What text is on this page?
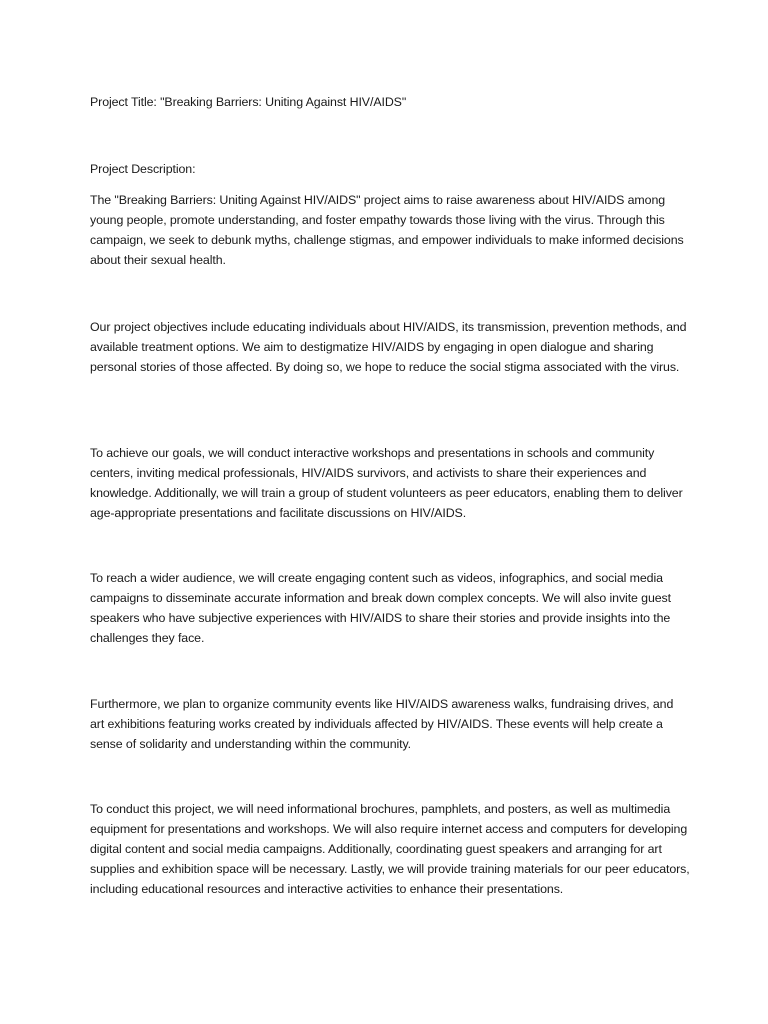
Project Title: "Breaking Barriers: Uniting Against HIV/AIDS"

Project Description:

The "Breaking Barriers: Uniting Against HIV/AIDS" project aims to raise awareness about HIV/AIDS among young people, promote understanding, and foster empathy towards those living with the virus. Through this campaign, we seek to debunk myths, challenge stigmas, and empower individuals to make informed decisions about their sexual health.

Our project objectives include educating individuals about HIV/AIDS, its transmission, prevention methods, and available treatment options. We aim to destigmatize HIV/AIDS by engaging in open dialogue and sharing personal stories of those affected. By doing so, we hope to reduce the social stigma associated with the virus.

To achieve our goals, we will conduct interactive workshops and presentations in schools and community centers, inviting medical professionals, HIV/AIDS survivors, and activists to share their experiences and knowledge. Additionally, we will train a group of student volunteers as peer educators, enabling them to deliver age-appropriate presentations and facilitate discussions on HIV/AIDS.

To reach a wider audience, we will create engaging content such as videos, infographics, and social media campaigns to disseminate accurate information and break down complex concepts. We will also invite guest speakers who have subjective experiences with HIV/AIDS to share their stories and provide insights into the challenges they face.

Furthermore, we plan to organize community events like HIV/AIDS awareness walks, fundraising drives, and art exhibitions featuring works created by individuals affected by HIV/AIDS. These events will help create a sense of solidarity and understanding within the community.

To conduct this project, we will need informational brochures, pamphlets, and posters, as well as multimedia equipment for presentations and workshops. We will also require internet access and computers for developing digital content and social media campaigns. Additionally, coordinating guest speakers and arranging for art supplies and exhibition space will be necessary. Lastly, we will provide training materials for our peer educators, including educational resources and interactive activities to enhance their presentations.
